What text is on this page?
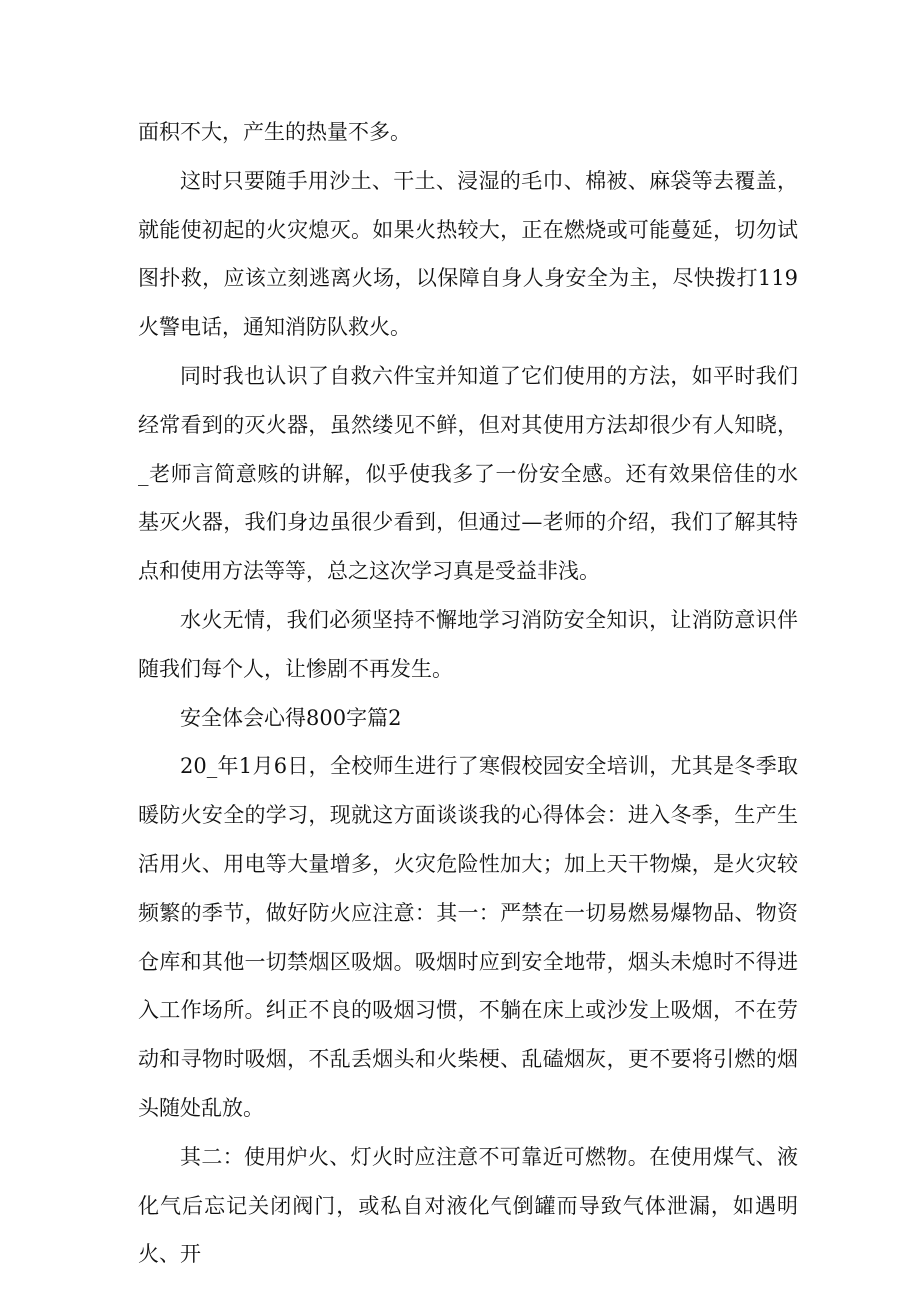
面积不大，产生的热量不多。

这时只要随手用沙土、干土、浸湿的毛巾、棉被、麻袋等去覆盖，就能使初起的火灾熄灭。如果火热较大，正在燃烧或可能蔓延，切勿试图扑救，应该立刻逃离火场，以保障自身人身安全为主，尽快拨打119火警电话，通知消防队救火。

同时我也认识了自救六件宝并知道了它们使用的方法，如平时我们经常看到的灭火器，虽然缕见不鲜，但对其使用方法却很少有人知晓，_老师言简意赅的讲解，似乎使我多了一份安全感。还有效果倍佳的水基灭火器，我们身边虽很少看到，但通过—老师的介绍，我们了解其特点和使用方法等等，总之这次学习真是受益非浅。

水火无情，我们必须坚持不懈地学习消防安全知识，让消防意识伴随我们每个人，让惨剧不再发生。

安全体会心得800字篇2

20_年1月6日，全校师生进行了寒假校园安全培训，尤其是冬季取暖防火安全的学习，现就这方面谈谈我的心得体会：进入冬季，生产生活用火、用电等大量增多，火灾危险性加大；加上天干物燥，是火灾较频繁的季节，做好防火应注意：其一：严禁在一切易燃易爆物品、物资仓库和其他一切禁烟区吸烟。吸烟时应到安全地带，烟头未熄时不得进入工作场所。纠正不良的吸烟习惯，不躺在床上或沙发上吸烟，不在劳动和寻物时吸烟，不乱丢烟头和火柴梗、乱磕烟灰，更不要将引燃的烟头随处乱放。

其二：使用炉火、灯火时应注意不可靠近可燃物。在使用煤气、液化气后忘记关闭阀门，或私自对液化气倒罐而导致气体泄漏，如遇明火、开
